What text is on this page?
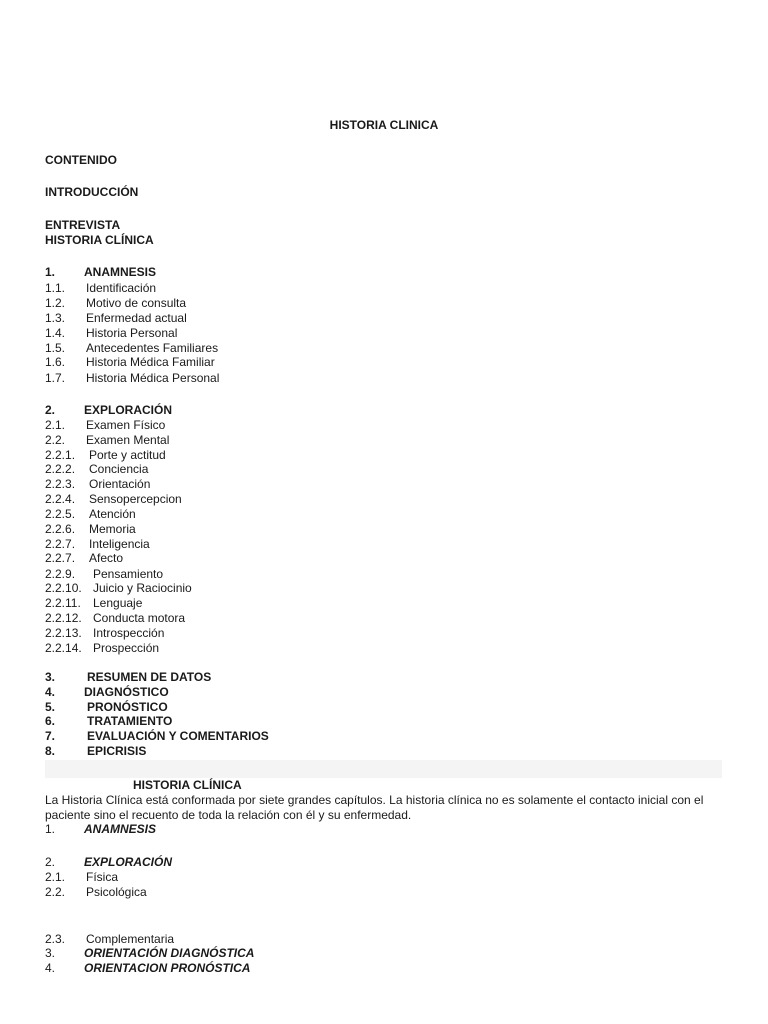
HISTORIA CLINICA
CONTENIDO
INTRODUCCIÓN
ENTREVISTA
HISTORIA CLÍNICA
1. ANAMNESIS
1.1. Identificación
1.2. Motivo de consulta
1.3. Enfermedad actual
1.4. Historia Personal
1.5. Antecedentes Familiares
1.6. Historia Médica Familiar
1.7. Historia Médica Personal
2. EXPLORACIÓN
2.1. Examen Físico
2.2. Examen Mental
2.2.1. Porte y actitud
2.2.2. Conciencia
2.2.3. Orientación
2.2.4. Sensopercepcion
2.2.5. Atención
2.2.6. Memoria
2.2.7. Inteligencia
2.2.7. Afecto
2.2.9. Pensamiento
2.2.10. Juicio y Raciocinio
2.2.11. Lenguaje
2.2.12. Conducta motora
2.2.13. Introspección
2.2.14. Prospección
3.	RESUMEN DE DATOS
4. DIAGNÓSTICO
5.	PRONÓSTICO
6.	TRATAMIENTO
7.	EVALUACIÓN Y COMENTARIOS
8.	EPICRISIS
HISTORIA CLÍNICA
La Historia Clínica está conformada por siete grandes capítulos. La historia clínica no es solamente el contacto inicial con el paciente sino el recuento de toda la relación con él y su enfermedad.
1. ANAMNESIS
2. EXPLORACIÓN
2.1. Física
2.2. Psicológica
2.3. Complementaria
3. ORIENTACIÓN DIAGNÓSTICA
4. ORIENTACION PRONÓSTICA
